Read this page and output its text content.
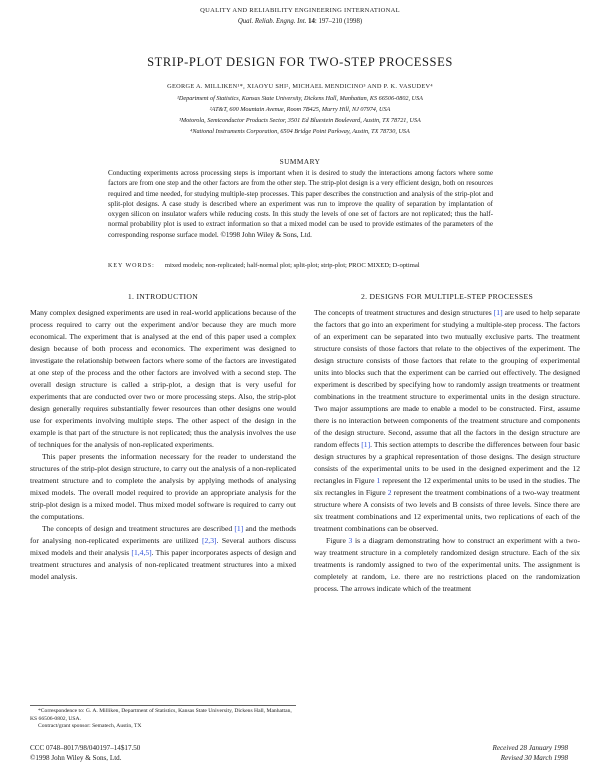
QUALITY AND RELIABILITY ENGINEERING INTERNATIONAL
Qual. Reliab. Engng. Int. 14: 197–210 (1998)
STRIP-PLOT DESIGN FOR TWO-STEP PROCESSES
GEORGE A. MILLIKEN¹*, XIAOYU SHI², MICHAEL MENDICINO³ AND P. K. VASUDEV⁴
¹Department of Statistics, Kansas State University, Dickens Hall, Manhattan, KS 66506-0802, USA
²AT&T, 600 Mountain Avenue, Room 7B425, Murry Hill, NJ 07974, USA
³Motorola, Semiconductor Products Sector, 3501 Ed Bluestein Boulevard, Austin, TX 78721, USA
⁴National Instruments Corporation, 6504 Bridge Point Parkway, Austin, TX 78730, USA
SUMMARY
Conducting experiments across processing steps is important when it is desired to study the interactions among factors where some factors are from one step and the other factors are from the other step. The strip-plot design is a very efficient design, both on resources required and time needed, for studying multiple-step processes. This paper describes the construction and analysis of the strip-plot and split-plot designs. A case study is described where an experiment was run to improve the quality of separation by implantation of oxygen silicon on insulator wafers while reducing costs. In this study the levels of one set of factors are not replicated; thus the half-normal probability plot is used to extract information so that a mixed model can be used to provide estimates of the parameters of the corresponding response surface model. ©1998 John Wiley & Sons, Ltd.
KEY WORDS: mixed models; non-replicated; half-normal plot; split-plot; strip-plot; PROC MIXED; D-optimal
1. INTRODUCTION

Many complex designed experiments are used in real-world applications because of the process required to carry out the experiment and/or because they are much more economical. The experiment that is analysed at the end of this paper used a complex design because of both process and economics. The experiment was designed to investigate the relationship between factors where some of the factors are investigated at one step of the process and the other factors are involved with a second step. The overall design structure is called a strip-plot, a design that is very useful for experiments that are conducted over two or more processing steps. Also, the strip-plot design generally requires substantially fewer resources than other designs one would use for experiments involving multiple steps. The other aspect of the design in the example is that part of the structure is not replicated; thus the analysis involves the use of techniques for the analysis of non-replicated experiments.

This paper presents the information necessary for the reader to understand the structures of the strip-plot design structure, to carry out the analysis of a non-replicated treatment structure and to complete the analysis by applying methods of analysing mixed models. The overall model required to provide an appropriate analysis for the strip-plot design is a mixed model. Thus mixed model software is required to carry out the computations.

The concepts of design and treatment structures are described [1] and the methods for analysing non-replicated experiments are utilized [2,3]. Several authors discuss mixed models and their analysis [1,4,5]. This paper incorporates aspects of design and treatment structures and analysis of non-replicated treatment structures into a mixed model analysis.

2. DESIGNS FOR MULTIPLE-STEP PROCESSES

The concepts of treatment structures and design structures [1] are used to help separate the factors that go into an experiment for studying a multiple-step process. The factors of an experiment can be separated into two mutually exclusive parts. The treatment structure consists of those factors that relate to the objectives of the experiment. The design structure consists of those factors that relate to the grouping of experimental units into blocks such that the experiment can be carried out effectively. The designed experiment is described by specifying how to randomly assign treatments or treatment combinations in the treatment structure to experimental units in the design structure. Two major assumptions are made to enable a model to be constructed. First, assume there is no interaction between components of the treatment structure and components of the design structure. Second, assume that all the factors in the design structure are random effects [1]. This section attempts to describe the differences between four basic design structures by a graphical representation of those designs. The design structure consists of the experimental units to be used in the designed experiment and the 12 rectangles in Figure 1 represent the 12 experimental units to be used in the studies. The six rectangles in Figure 2 represent the treatment combinations of a two-way treatment structure where A consists of two levels and B consists of three levels. Since there are six treatment combinations and 12 experimental units, two replications of each of the treatment combinations can be observed.

Figure 3 is a diagram demonstrating how to construct an experiment with a two-way treatment structure in a completely randomized design structure. Each of the six treatments is randomly assigned to two of the experimental units. The assignment is completely at random, i.e. there are no restrictions placed on the randomization process. The arrows indicate which of the treatment

*Correspondence to: G. A. Milliken, Department of Statistics, Kansas State University, Dickens Hall, Manhattan, KS 66506-0802, USA.
Contract/grant sponsor: Sematech, Austin, TX
CCC 0748–8017/98/040197–14$17.50
©1998 John Wiley & Sons, Ltd.
Received 28 January 1998
Revised 30 March 1998
